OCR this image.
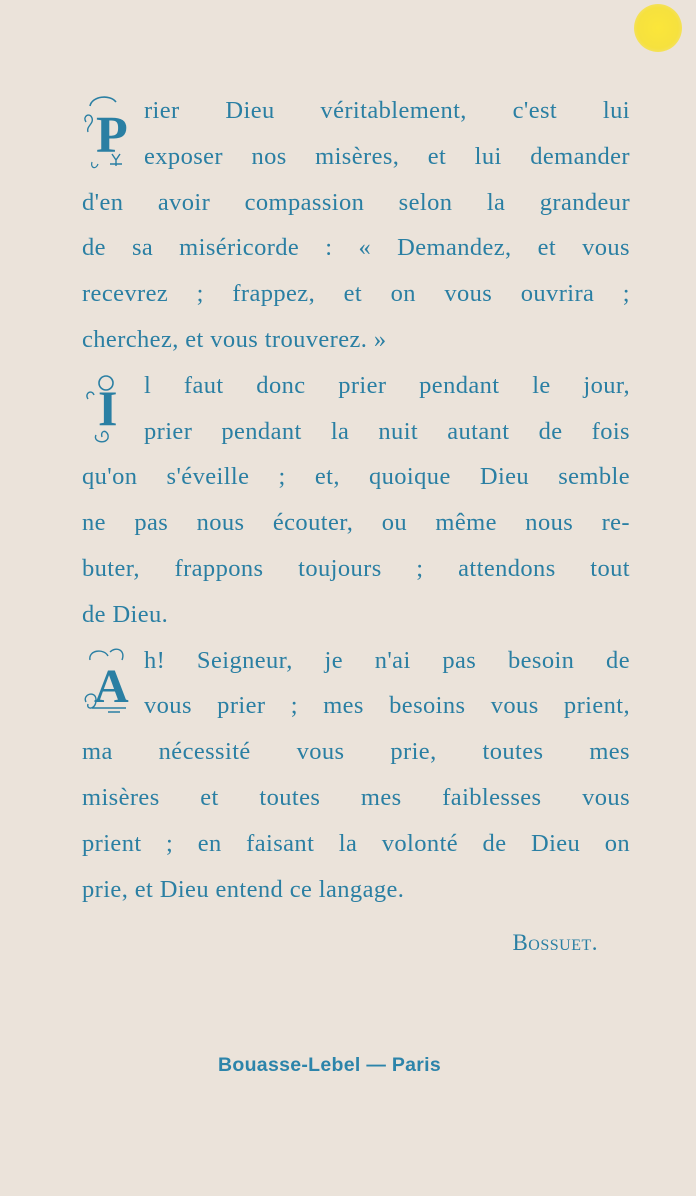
P rier Dieu véritablement, c'est lui
exposer nos misères, et lui demander
d'en avoir compassion selon la grandeur
de sa miséricorde : « Demandez, et vous
recevrez ; frappez, et on vous ouvrira ;
cherchez, et vous trouverez. »
I l faut donc prier pendant le jour,
prier pendant la nuit autant de fois
qu'on s'éveille ; et, quoique Dieu semble
ne pas nous écouter, ou même nous re-
buter, frappons toujours ; attendons tout
de Dieu.
A h! Seigneur, je n'ai pas besoin de
vous prier ; mes besoins vous prient,
ma nécessité vous prie, toutes mes
misères et toutes mes faiblesses vous
prient ; en faisant la volonté de Dieu on
prie, et Dieu entend ce langage.
Bossuet.
Bouasse-Lebel — Paris
